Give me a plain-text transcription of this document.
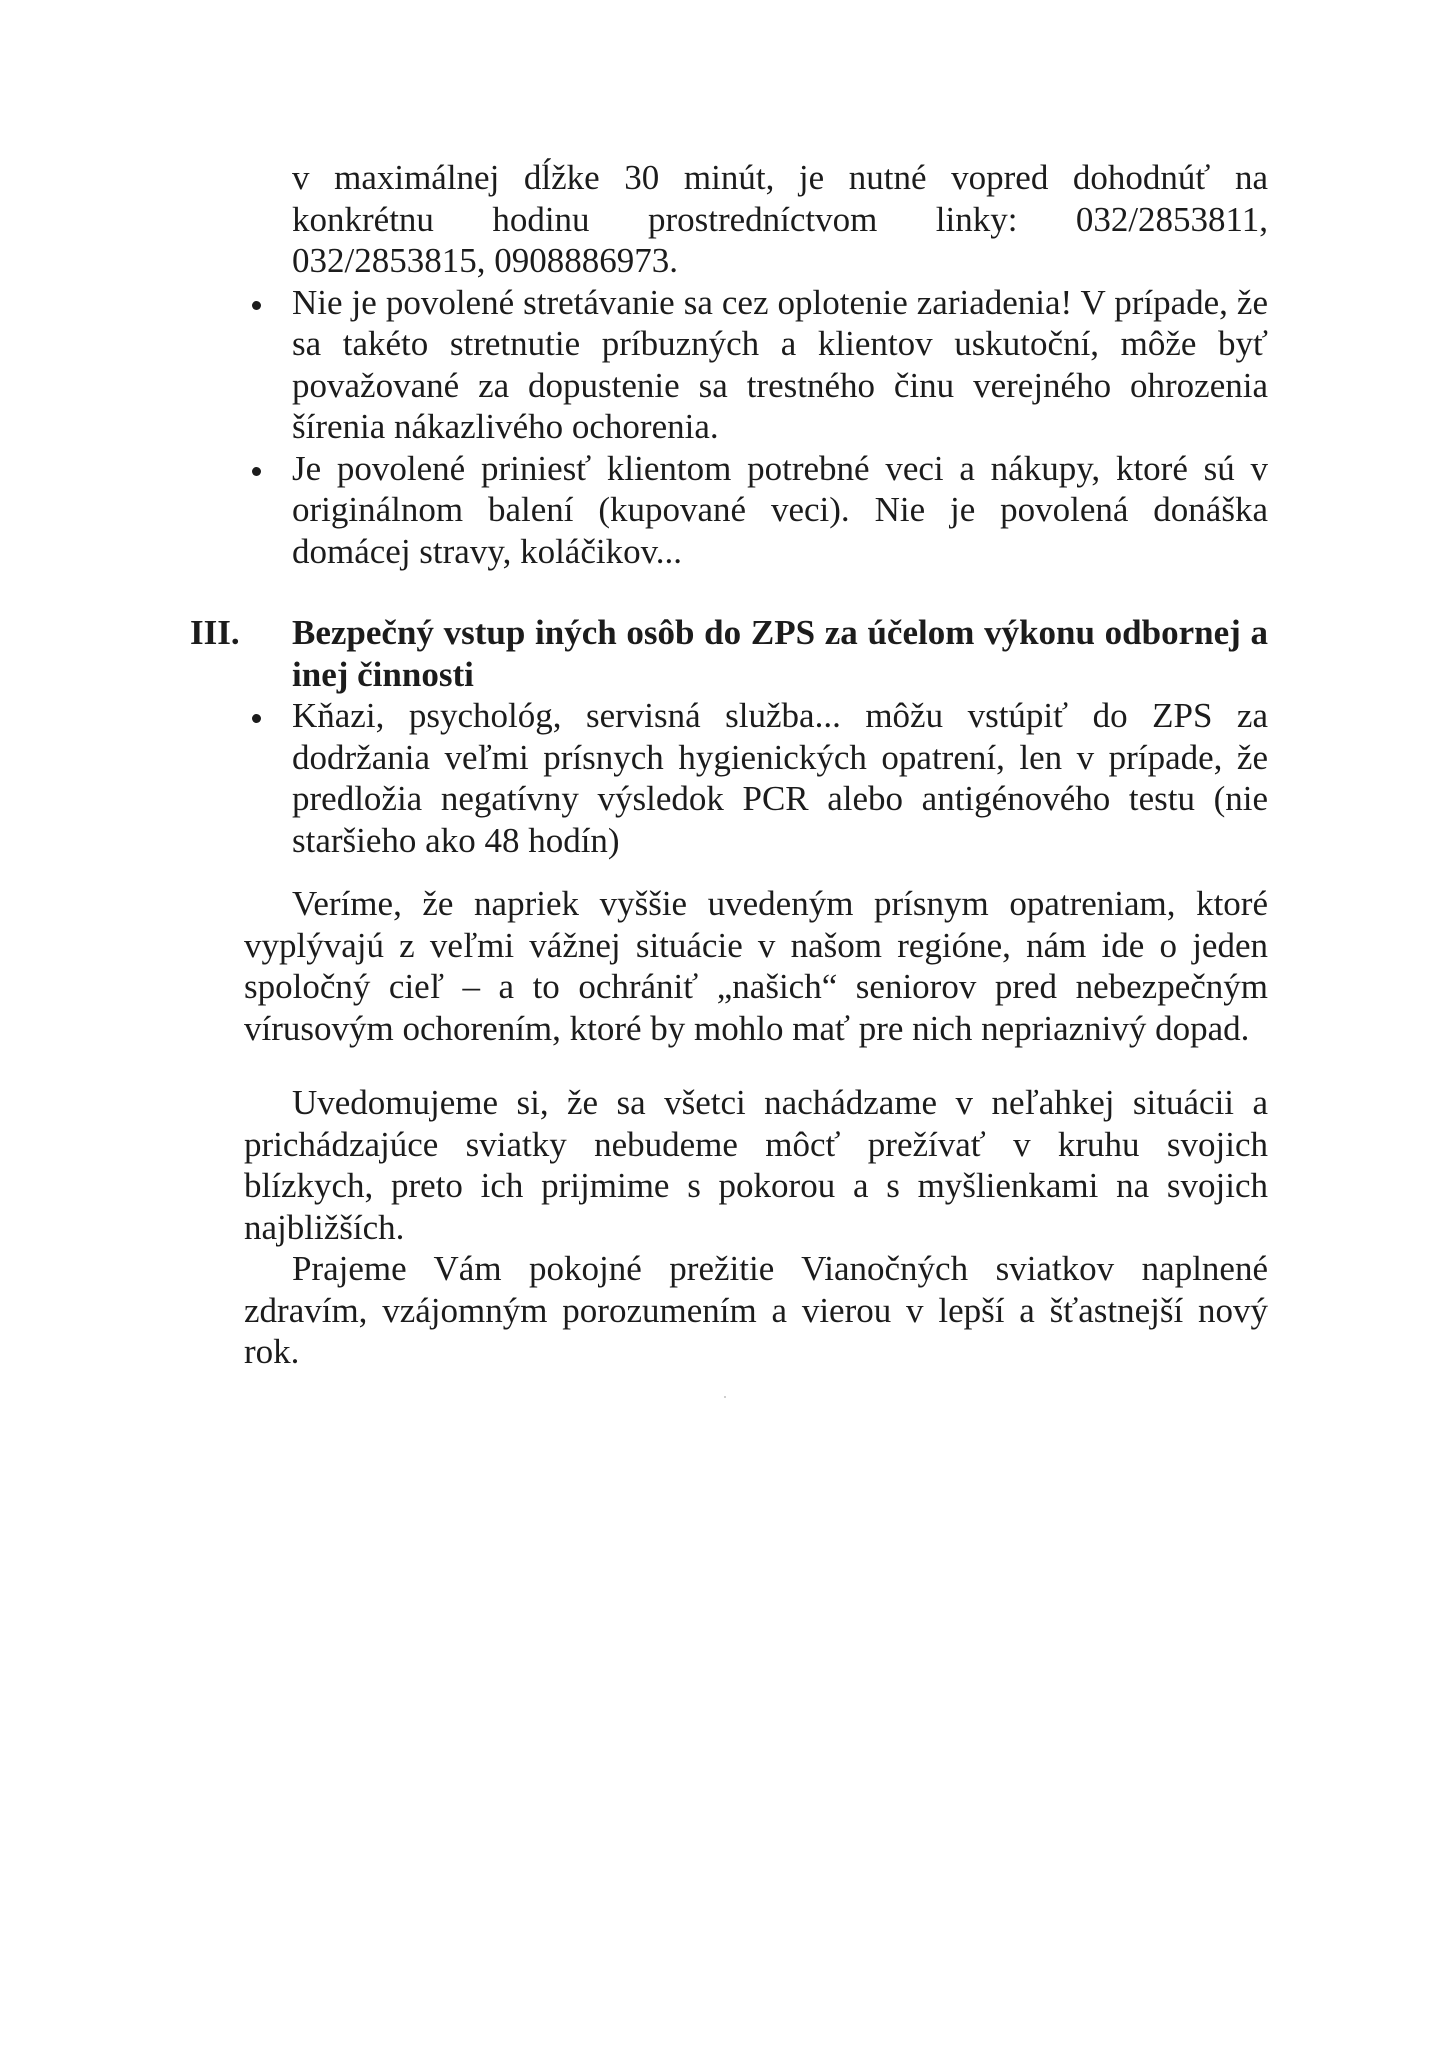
v maximálnej dĺžke 30 minút, je nutné vopred dohodnúť na konkrétnu hodinu prostredníctvom linky: 032/2853811, 032/2853815, 0908886973.

Nie je povolené stretávanie sa cez oplotenie zariadenia! V prípade, že sa takéto stretnutie príbuzných a klientov uskutoční, môže byť považované za dopustenie sa trestného činu verejného ohrozenia šírenia nákazlivého ochorenia.
Je povolené priniesť klientom potrebné veci a nákupy, ktoré sú v originálnom balení (kupované veci). Nie je povolená donáška domácej stravy, koláčikov...
III. Bezpečný vstup iných osôb do ZPS za účelom výkonu odbornej a inej činnosti
Kňazi, psychológ, servisná služba... môžu vstúpiť do ZPS za dodržania veľmi prísnych hygienických opatrení, len v prípade, že predložia negatívny výsledok PCR alebo antigénového testu (nie staršieho ako 48 hodín)

Veríme, že napriek vyššie uvedeným prísnym opatreniam, ktoré vyplývajú z veľmi vážnej situácie v našom regióne, nám ide o jeden spoločný cieľ – a to ochrániť „našich“ seniorov pred nebezpečným vírusovým ochorením, ktoré by mohlo mať pre nich nepriaznivý dopad.

Uvedomujeme si, že sa všetci nachádzame v neľahkej situácii a prichádzajúce sviatky nebudeme môcť prežívať v kruhu svojich blízkych, preto ich prijmime s pokorou a s myšlienkami na svojich najbližších.

Prajeme Vám pokojné prežitie Vianočných sviatkov naplnené zdravím, vzájomným porozumením a vierou v lepší a šťastnejší nový rok.
